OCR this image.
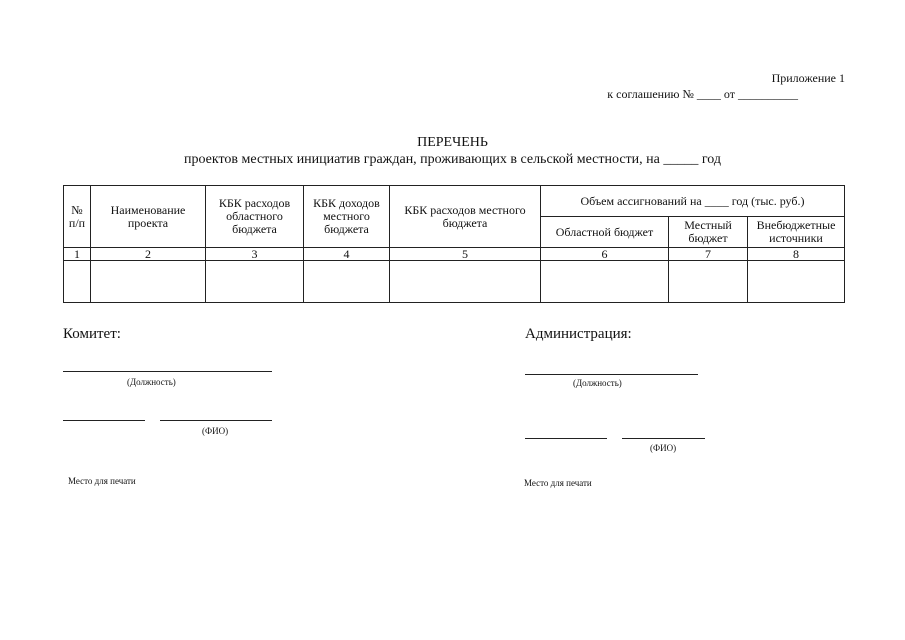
Приложение 1
к соглашению № ____ от __________
ПЕРЕЧЕНЬ
проектов местных инициатив граждан, проживающих в сельской местности, на _____ год
№ п/п	Наименование проекта	КБК расходов областного бюджета	КБК доходов местного бюджета	КБК расходов местного бюджета	Объем ассигнований на ____ год (тыс. руб.)		
					Областной бюджет	Местный бюджет	Внебюджетные источники
1	2	3	4	5	6	7	8

Комитет:
(Должность)
(ФИО)
Место для печати
Администрация:
(Должность)
(ФИО)
Место для печати
